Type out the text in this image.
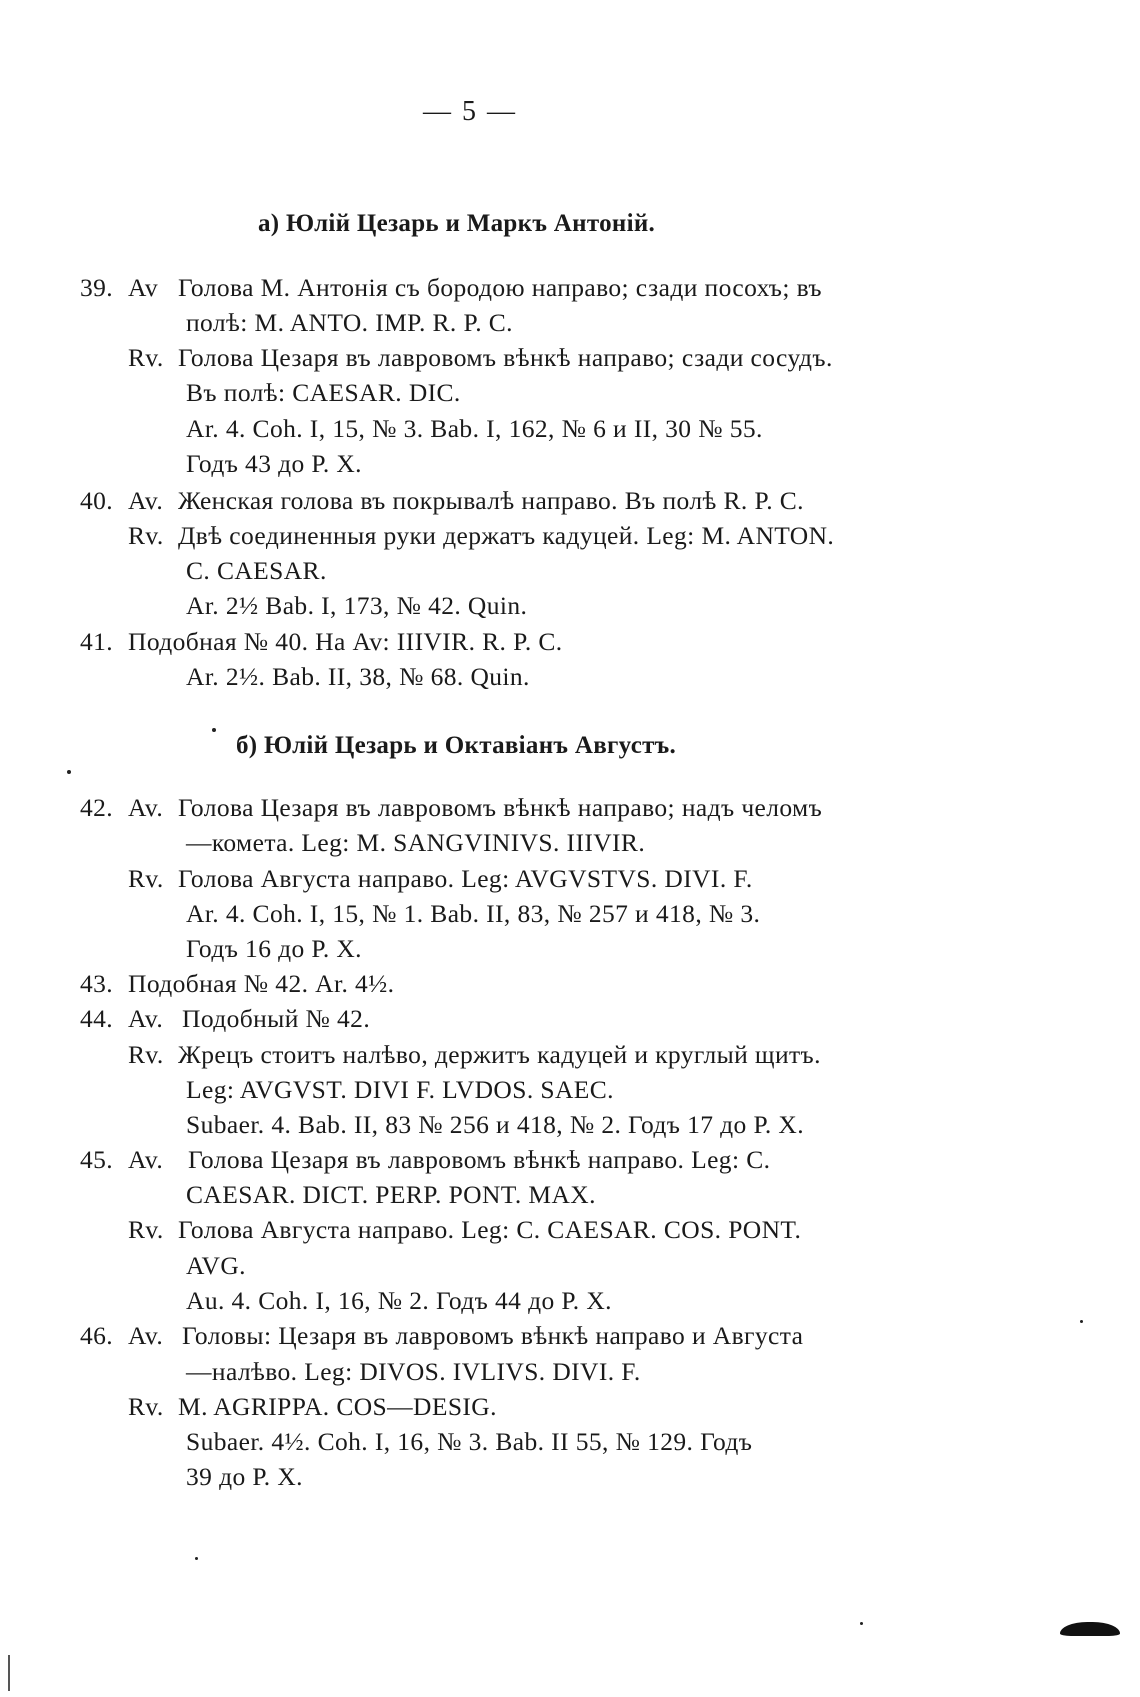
— 5 —
а) Юлій Цезарь и Маркъ Антоній.
б) Юлій Цезарь и Октавіанъ Августъ.
39. Av Голова М. Антонія съ бородою направо; сзади посохъ; въ
полѣ: M. ANTO. IMP. R. P. C.
Rv. Голова Цезаря въ лавровомъ вѣнкѣ направо; сзади сосудъ.
Въ полѣ: CAESAR. DIC.
Ar. 4. Coh. I, 15, № 3. Bab. I, 162, № 6 и II, 30 № 55.
Годъ 43 до Р. Х.
40. Av. Женская голова въ покрывалѣ направо. Въ полѣ R. P. C.
Rv. Двѣ соединенныя руки держатъ кадуцей. Leg: M. ANTON.
C. CAESAR.
Ar. 2½ Bab. I, 173, № 42. Quin.
41. Подобная № 40. На Av: IIIVIR. R. P. C.
Ar. 2½. Bab. II, 38, № 68. Quin.
42. Av. Голова Цезаря въ лавровомъ вѣнкѣ направо; надъ челомъ
—комета. Leg: M. SANGVINIVS. IIIVIR.
Rv. Голова Августа направо. Leg: AVGVSTVS. DIVI. F.
Ar. 4. Coh. I, 15, № 1. Bab. II, 83, № 257 и 418, № 3.
Годъ 16 до Р. Х.
43. Подобная № 42. Ar. 4½.
44. Av. Подобный № 42.
Rv. Жрецъ стоитъ налѣво, держитъ кадуцей и круглый щитъ.
Leg: AVGVST. DIVI F. LVDOS. SAEC.
Subaer. 4. Bab. II, 83 № 256 и 418, № 2. Годъ 17 до Р. Х.
45. Av. Голова Цезаря въ лавровомъ вѣнкѣ направо. Leg: C.
CAESAR. DICT. PERP. PONT. MAX.
Rv. Голова Августа направо. Leg: C. CAESAR. COS. PONT.
AVG.
Au. 4. Coh. I, 16, № 2. Годъ 44 до Р. Х.
46. Av. Головы: Цезаря въ лавровомъ вѣнкѣ направо и Августа
—налѣво. Leg: DIVOS. IVLIVS. DIVI. F.
Rv. M. AGRIPPA. COS—DESIG.
Subaer. 4½. Coh. I, 16, № 3. Bab. II 55, № 129. Годъ
39 до Р. Х.
